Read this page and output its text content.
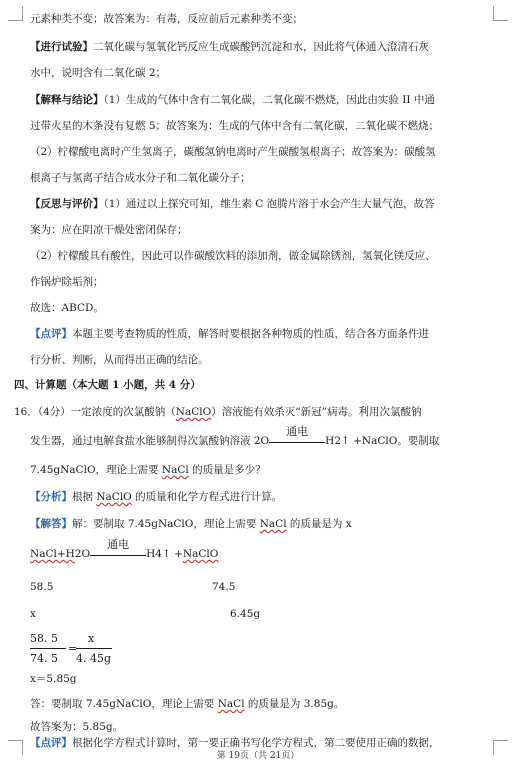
元素种类不变；故答案为：有毒，反应前后元素种类不变；
【进行试验】二氧化碳与氢氧化钙反应生成碳酸钙沉淀和水，因此将气体通入澄清石灰
水中，说明含有二氧化碳 2；
【解释与结论】（1）生成的气体中含有二氧化碳，二氧化碳不燃烧，因此由实验 II 中通
过带火星的木条没有复燃 5；故答案为：生成的气体中含有二氧化碳，二氧化碳不燃烧；
（2）柠檬酸电离时产生氢离子，碳酸氢钠电离时产生碳酸氢根离子；故答案为：碳酸氢
根离子与氢离子结合成水分子和二氧化碳分子；
【反思与评价】（1）通过以上探究可知，维生素 C 泡腾片溶于水会产生大量气泡，故答
案为：应在阴凉干燥处密闭保存；
（2）柠檬酸具有酸性，因此可以作碳酸饮料的添加剂，做金属除锈剂，氢氧化镁反应、
作锅炉除垢剂；
故选：ABCD。
【点评】本题主要考查物质的性质，解答时要根据各种物质的性质，结合各方面条件进
行分析、判断，从而得出正确的结论。
四、计算题（本大题 1 小题，共 4 分）
16．（4分）一定浓度的次氯酸钠（NaClO）溶液能有效杀灭“新冠”病毒。利用次氯酸钠
发生器，通过电解食盐水能够制得次氯酸钠溶液 2O
通电
H2↑ +NaClO。要制取
7.45gNaClO，理论上需要 NaCl 的质量是多少？
【分析】根据 NaClO 的质量和化学方程式进行计算。
【解答】解：要制取 7.45gNaClO，理论上需要 NaCl 的质量是为 x
NaCl+H2O
通电
H4↑ +NaClO
58.5	74.5
x	6.45g
58. 5
74. 5
=
x
4. 45g
x＝5.85g
答：要制取 7.45gNaClO，理论上需要 NaCl 的质量是为 3.85g。
故答案为：5.85g。
【点评】根据化学方程式计算时，第一要正确书写化学方程式，第二要使用正确的数据，
第 19页（共 21页）
